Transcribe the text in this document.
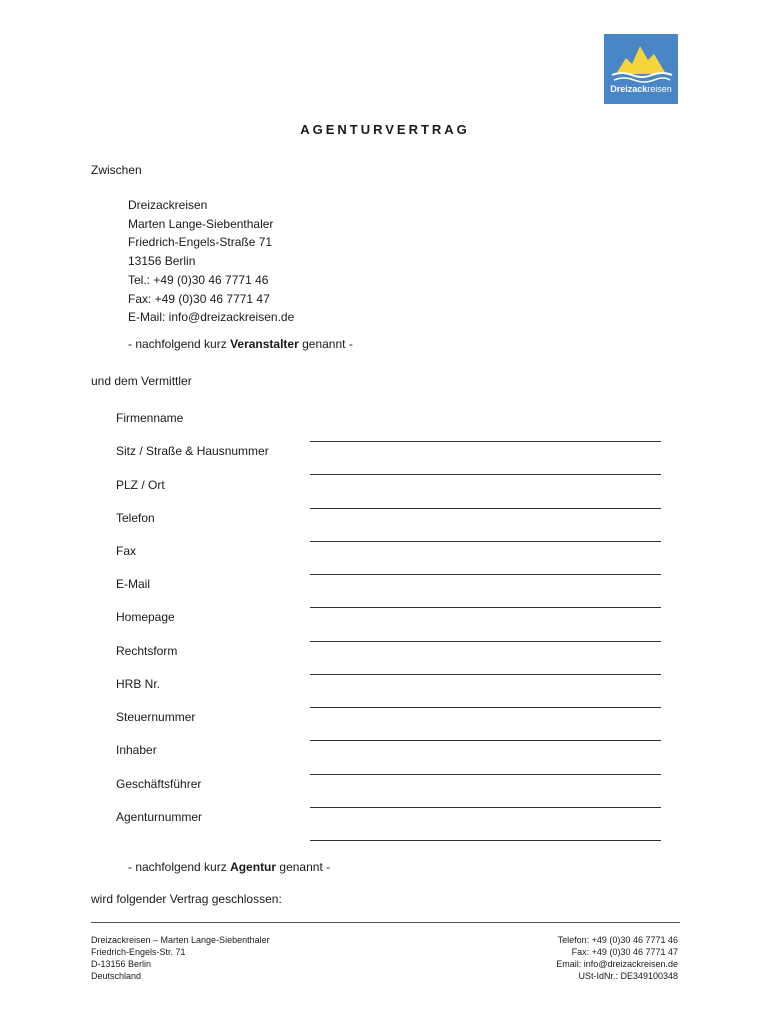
Dreizackreisen
AGENTURVERTRAG
Zwischen
Dreizackreisen
Marten Lange-Siebenthaler
Friedrich-Engels-Straße 71
13156 Berlin
Tel.: +49 (0)30 46 7771 46
Fax: +49 (0)30 46 7771 47
E-Mail: info@dreizackreisen.de
- nachfolgend kurz Veranstalter genannt -
und dem Vermittler
Firmenname
Sitz / Straße & Hausnummer
PLZ / Ort
Telefon
Fax
E-Mail
Homepage
Rechtsform
HRB Nr.
Steuernummer
Inhaber
Geschäftsführer
Agenturnummer
- nachfolgend kurz Agentur genannt -
wird folgender Vertrag geschlossen:
Dreizackreisen – Marten Lange-Siebenthaler
Friedrich-Engels-Str. 71
D-13156 Berlin
Deutschland
Telefon: +49 (0)30 46 7771 46
Fax: +49 (0)30 46 7771 47
Email: info@dreizackreisen.de
USt-IdNr.: DE349100348
